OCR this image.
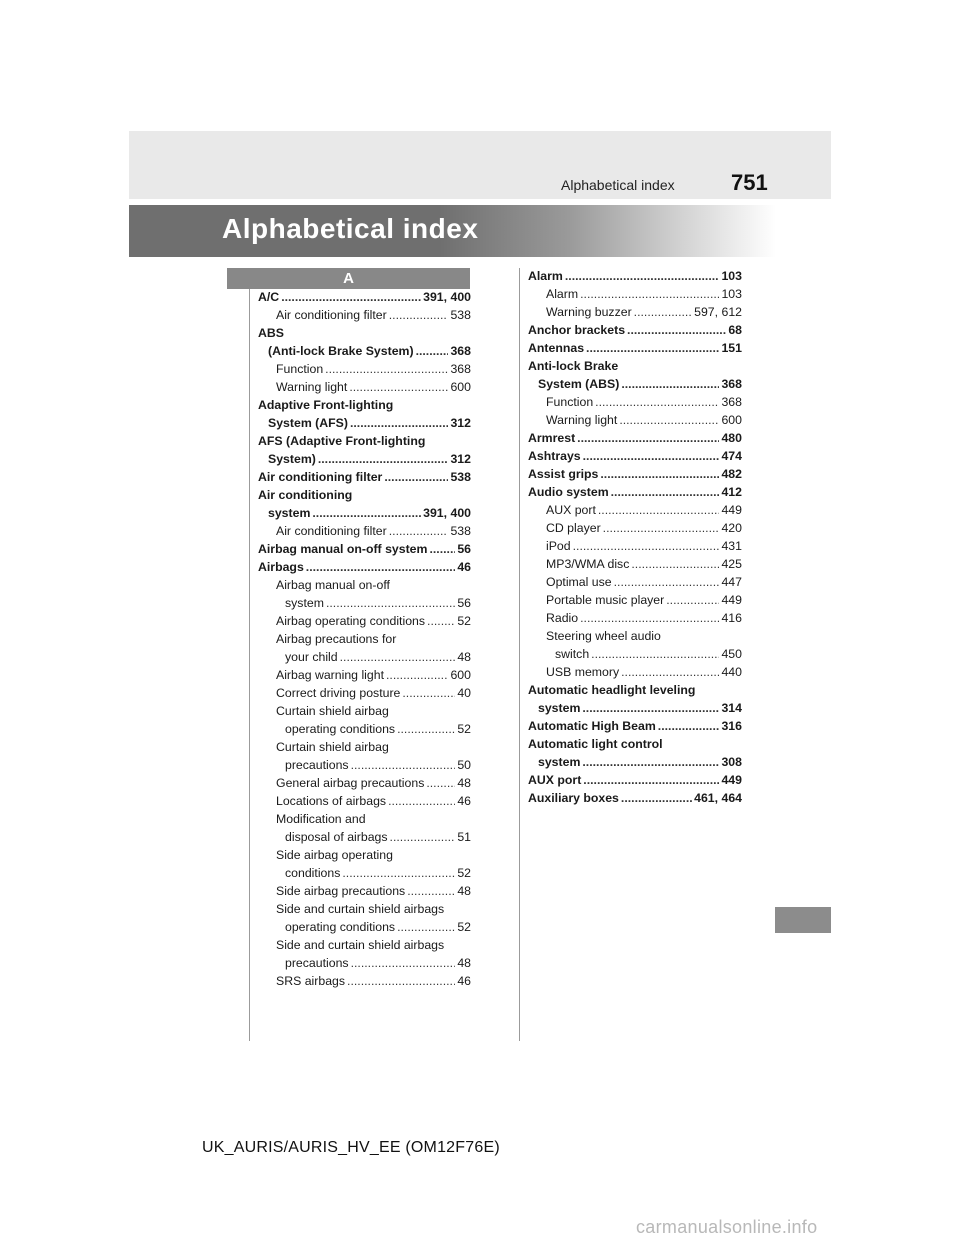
Alphabetical index	751
Alphabetical index
A
A/C .....	391, 400
Air conditioning filter .....	538
ABS
(Anti-lock Brake System) .....	368
Function .....	368
Warning light .....	600
Adaptive Front-lighting
System (AFS) .....	312
AFS (Adaptive Front-lighting
System) .....	312
Air conditioning filter .....	538
Air conditioning
system .....	391, 400
Air conditioning filter .....	538
Airbag manual on-off system ..... 56
Airbags .....	46
Airbag manual on-off
system .....	56
Airbag operating conditions .....	52
Airbag precautions for
your child .....	48
Airbag warning light .....	600
Correct driving posture .....	40
Curtain shield airbag
operating conditions .....	52
Curtain shield airbag
precautions .....	50
General airbag precautions .....	48
Locations of airbags .....	46
Modification and
disposal of airbags .....	51
Side airbag operating
conditions .....	52
Side airbag precautions .....	48
Side and curtain shield airbags
operating conditions .....	52
Side and curtain shield airbags
precautions .....	48
SRS airbags .....	46
Alarm .....	103
Alarm .....	103
Warning buzzer .....	597, 612
Anchor brackets .....	68
Antennas .....	151
Anti-lock Brake
System (ABS) .....	368
Function .....	368
Warning light .....	600
Armrest .....	480
Ashtrays .....	474
Assist grips .....	482
Audio system .....	412
AUX port .....	449
CD player .....	420
iPod .....	431
MP3/WMA disc .....	425
Optimal use .....	447
Portable music player .....	449
Radio .....	416
Steering wheel audio
switch .....	450
USB memory .....	440
Automatic headlight leveling
system .....	314
Automatic High Beam .....	316
Automatic light control
system .....	308
AUX port .....	449
Auxiliary boxes .....	461, 464
UK_AURIS/AURIS_HV_EE (OM12F76E)
carmanualsonline.info
